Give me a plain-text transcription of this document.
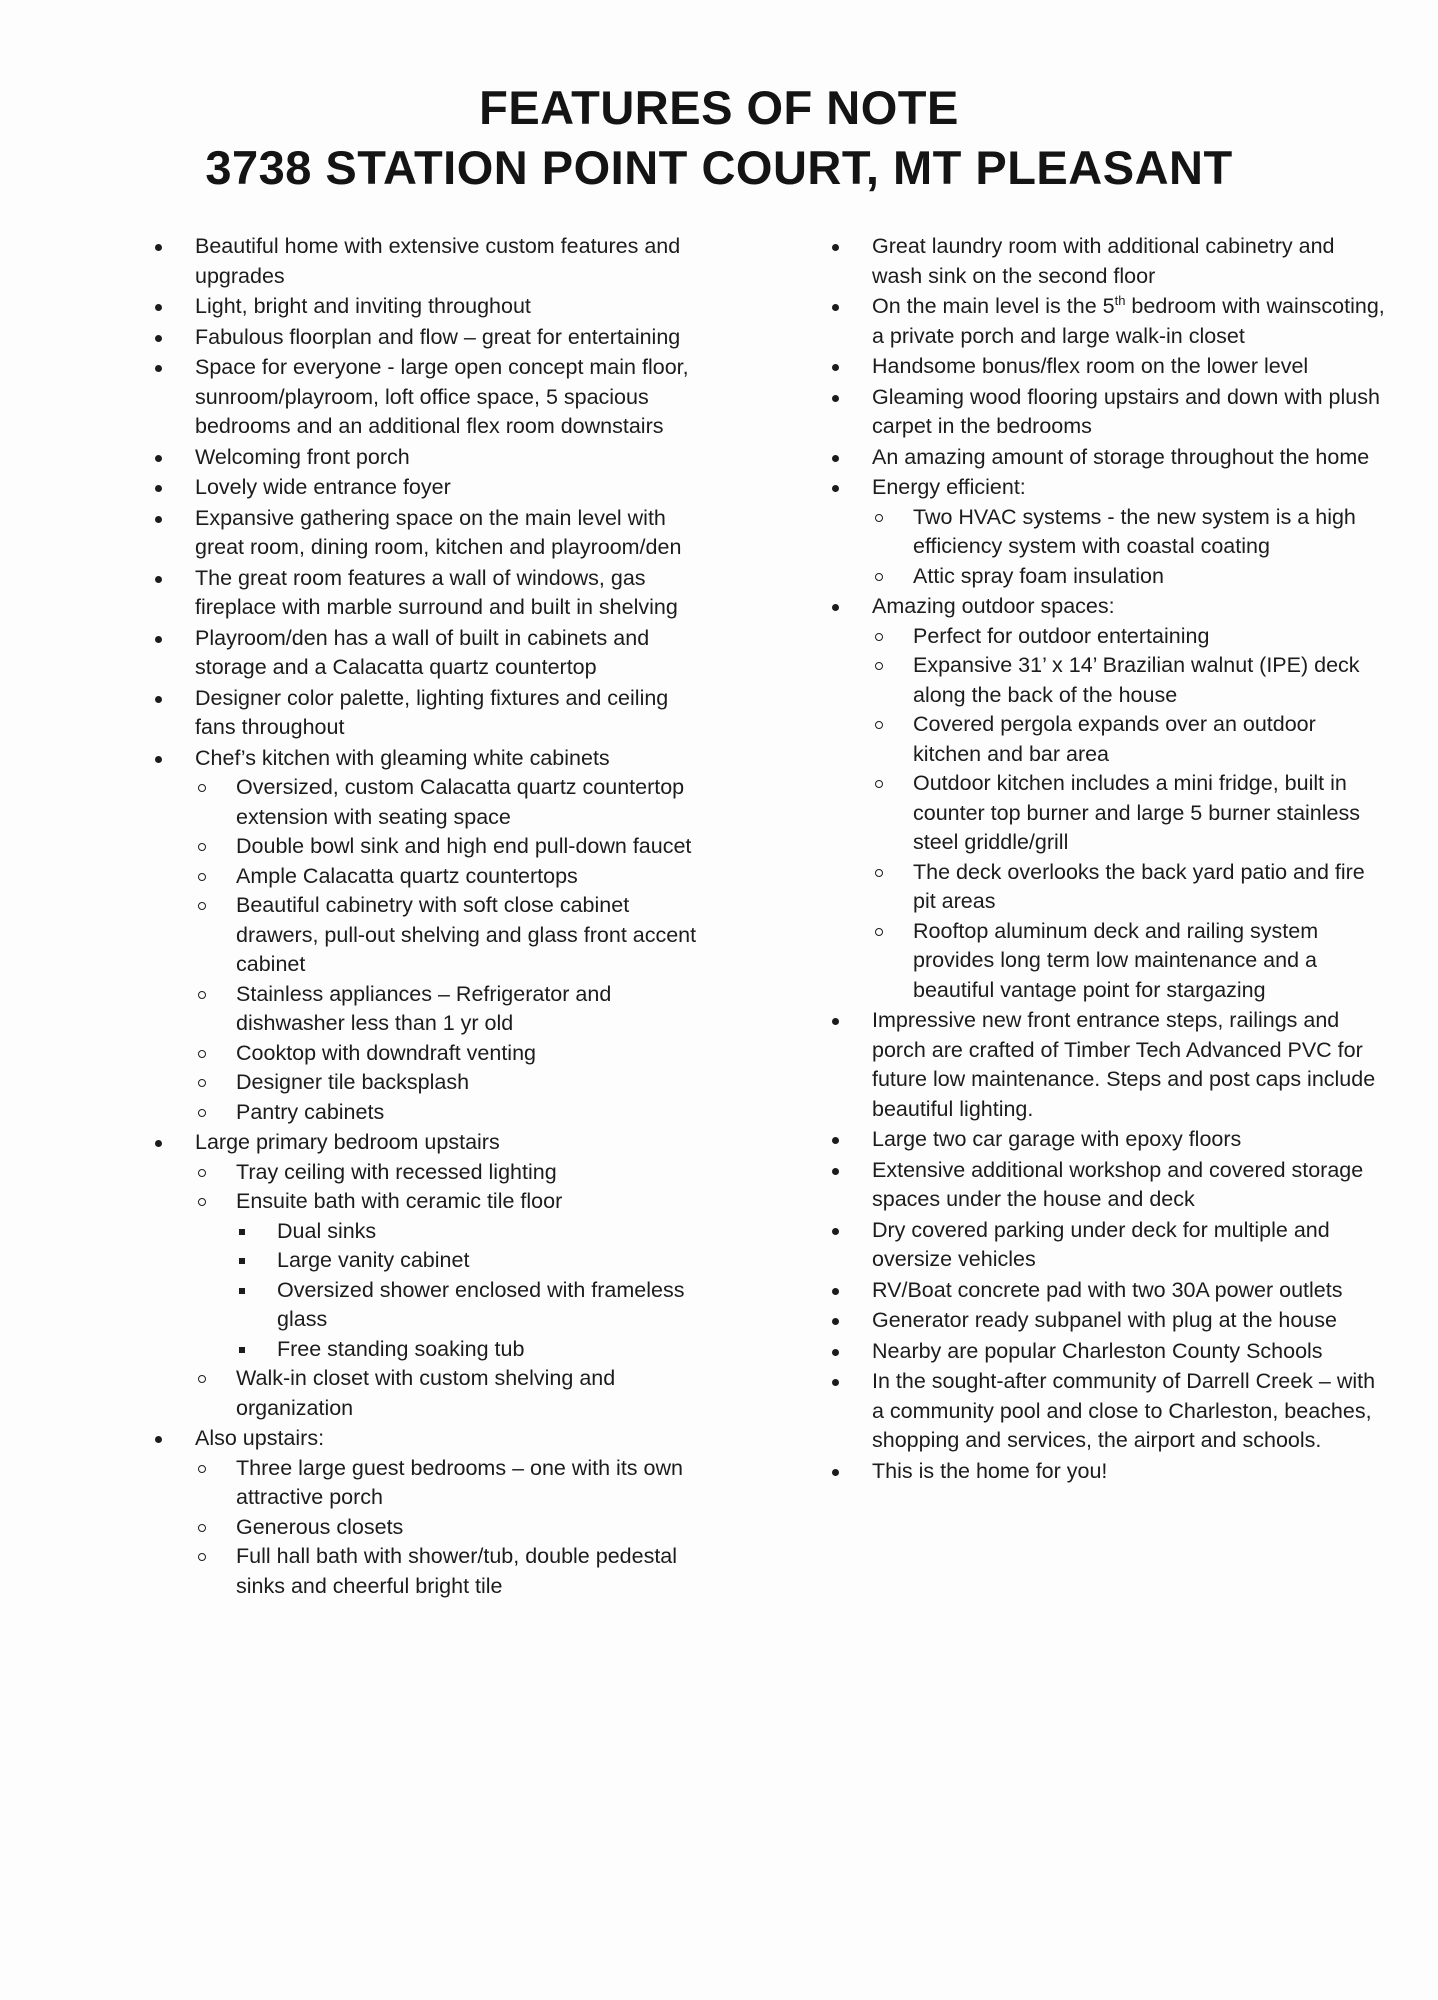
FEATURES OF NOTE
3738 STATION POINT COURT, MT PLEASANT
Beautiful home with extensive custom features and upgrades
Light, bright and inviting throughout
Fabulous floorplan and flow – great for entertaining
Space for everyone - large open concept main floor, sunroom/playroom, loft office space, 5 spacious bedrooms and an additional flex room downstairs
Welcoming front porch
Lovely wide entrance foyer
Expansive gathering space on the main level with great room, dining room, kitchen and playroom/den
The great room features a wall of windows, gas fireplace with marble surround and built in shelving
Playroom/den has a wall of built in cabinets and storage and a Calacatta quartz countertop
Designer color palette, lighting fixtures and ceiling fans throughout
Chef’s kitchen with gleaming white cabinets
Oversized, custom Calacatta quartz countertop extension with seating space
Double bowl sink and high end pull-down faucet
Ample Calacatta quartz countertops
Beautiful cabinetry with soft close cabinet drawers, pull-out shelving and glass front accent cabinet
Stainless appliances – Refrigerator and dishwasher less than 1 yr old
Cooktop with downdraft venting
Designer tile backsplash
Pantry cabinets
Large primary bedroom upstairs
Tray ceiling with recessed lighting
Ensuite bath with ceramic tile floor
Dual sinks
Large vanity cabinet
Oversized shower enclosed with frameless glass
Free standing soaking tub
Walk-in closet with custom shelving and organization
Also upstairs:
Three large guest bedrooms – one with its own attractive porch
Generous closets
Full hall bath with shower/tub, double pedestal sinks and cheerful bright tile
Great laundry room with additional cabinetry and wash sink on the second floor
On the main level is the 5th bedroom with wainscoting, a private porch and large walk-in closet
Handsome bonus/flex room on the lower level
Gleaming wood flooring upstairs and down with plush carpet in the bedrooms
An amazing amount of storage throughout the home
Energy efficient:
Two HVAC systems - the new system is a high efficiency system with coastal coating
Attic spray foam insulation
Amazing outdoor spaces:
Perfect for outdoor entertaining
Expansive 31’ x 14’ Brazilian walnut (IPE) deck along the back of the house
Covered pergola expands over an outdoor kitchen and bar area
Outdoor kitchen includes a mini fridge, built in counter top burner and large 5 burner stainless steel griddle/grill
The deck overlooks the back yard patio and fire pit areas
Rooftop aluminum deck and railing system provides long term low maintenance and a beautiful vantage point for stargazing
Impressive new front entrance steps, railings and porch are crafted of Timber Tech Advanced PVC for future low maintenance. Steps and post caps include beautiful lighting.
Large two car garage with epoxy floors
Extensive additional workshop and covered storage spaces under the house and deck
Dry covered parking under deck for multiple and oversize vehicles
RV/Boat concrete pad with two 30A power outlets
Generator ready subpanel with plug at the house
Nearby are popular Charleston County Schools
In the sought-after community of Darrell Creek – with a community pool and close to Charleston, beaches, shopping and services, the airport and schools.
This is the home for you!
